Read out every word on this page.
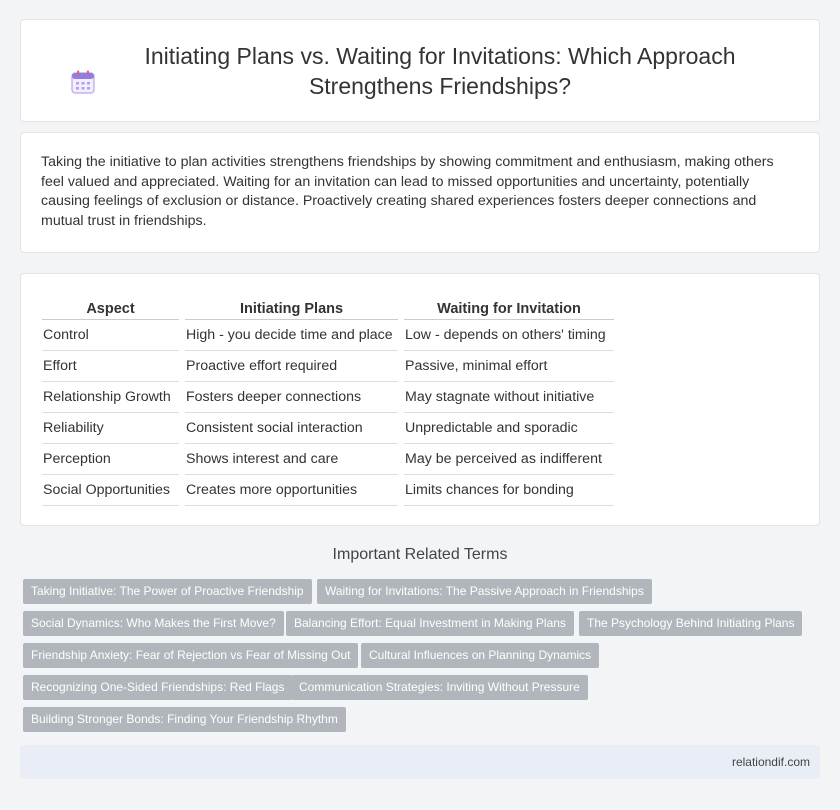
Initiating Plans vs. Waiting for Invitations: Which Approach Strengthens Friendships?

Taking the initiative to plan activities strengthens friendships by showing commitment and enthusiasm, making others feel valued and appreciated. Waiting for an invitation can lead to missed opportunities and uncertainty, potentially causing feelings of exclusion or distance. Proactively creating shared experiences fosters deeper connections and mutual trust in friendships.

Aspect	Initiating Plans	Waiting for Invitation
Control	High - you decide time and place	Low - depends on others' timing
Effort	Proactive effort required	Passive, minimal effort
Relationship Growth	Fosters deeper connections	May stagnate without initiative
Reliability	Consistent social interaction	Unpredictable and sporadic
Perception	Shows interest and care	May be perceived as indifferent
Social Opportunities	Creates more opportunities	Limits chances for bonding
Important Related Terms
Taking Initiative: The Power of Proactive Friendship	Waiting for Invitations: The Passive Approach in Friendships
Social Dynamics: Who Makes the First Move?	Balancing Effort: Equal Investment in Making Plans	The Psychology Behind Initiating Plans
Friendship Anxiety: Fear of Rejection vs Fear of Missing Out	Cultural Influences on Planning Dynamics
Recognizing One-Sided Friendships: Red Flags	Communication Strategies: Inviting Without Pressure
Building Stronger Bonds: Finding Your Friendship Rhythm
relationdif.com
